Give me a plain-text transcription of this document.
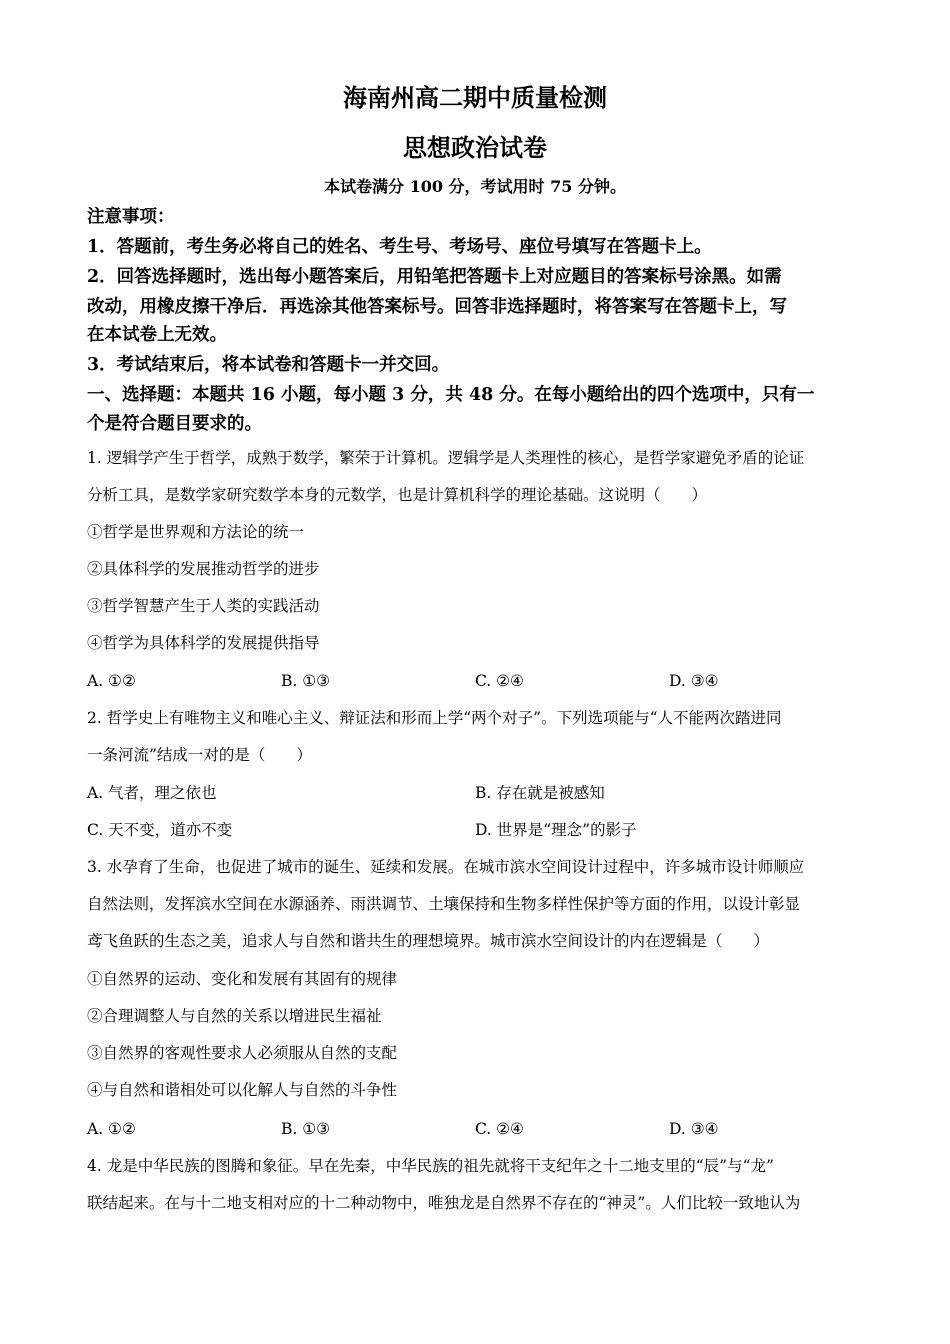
海南州高二期中质量检测
思想政治试卷
本试卷满分 100 分，考试用时 75 分钟。
注意事项：
1．答题前，考生务必将自己的姓名、考生号、考场号、座位号填写在答题卡上。
2．回答选择题时，选出每小题答案后，用铅笔把答题卡上对应题目的答案标号涂黑。如需
改动，用橡皮擦干净后．再选涂其他答案标号。回答非选择题时，将答案写在答题卡上，写
在本试卷上无效。
3．考试结束后，将本试卷和答题卡一并交回。
一、选择题：本题共 16 小题，每小题 3 分，共 48 分。在每小题给出的四个选项中，只有一
个是符合题目要求的。
1. 逻辑学产生于哲学，成熟于数学，繁荣于计算机。逻辑学是人类理性的核心，是哲学家避免矛盾的论证
分析工具，是数学家研究数学本身的元数学，也是计算机科学的理论基础。这说明（　　）
①哲学是世界观和方法论的统一
②具体科学的发展推动哲学的进步
③哲学智慧产生于人类的实践活动
④哲学为具体科学的发展提供指导
A. ①②	B. ①③	C. ②④	D. ③④
2. 哲学史上有唯物主义和唯心主义、辩证法和形而上学“两个对子”。下列选项能与“人不能两次踏进同
一条河流”结成一对的是（　　）
A. 气者，理之依也	B. 存在就是被感知
C. 天不变，道亦不变	D. 世界是“理念”的影子
3. 水孕育了生命，也促进了城市的诞生、延续和发展。在城市滨水空间设计过程中，许多城市设计师顺应
自然法则，发挥滨水空间在水源涵养、雨洪调节、土壤保持和生物多样性保护等方面的作用，以设计彰显
鸢飞鱼跃的生态之美，追求人与自然和谐共生的理想境界。城市滨水空间设计的内在逻辑是（　　）
①自然界的运动、变化和发展有其固有的规律
②合理调整人与自然的关系以增进民生福祉
③自然界的客观性要求人必须服从自然的支配
④与自然和谐相处可以化解人与自然的斗争性
A. ①②	B. ①③	C. ②④	D. ③④
4. 龙是中华民族的图腾和象征。早在先秦，中华民族的祖先就将干支纪年之十二地支里的“辰”与“龙”
联结起来。在与十二地支相对应的十二种动物中，唯独龙是自然界不存在的“神灵”。人们比较一致地认为
